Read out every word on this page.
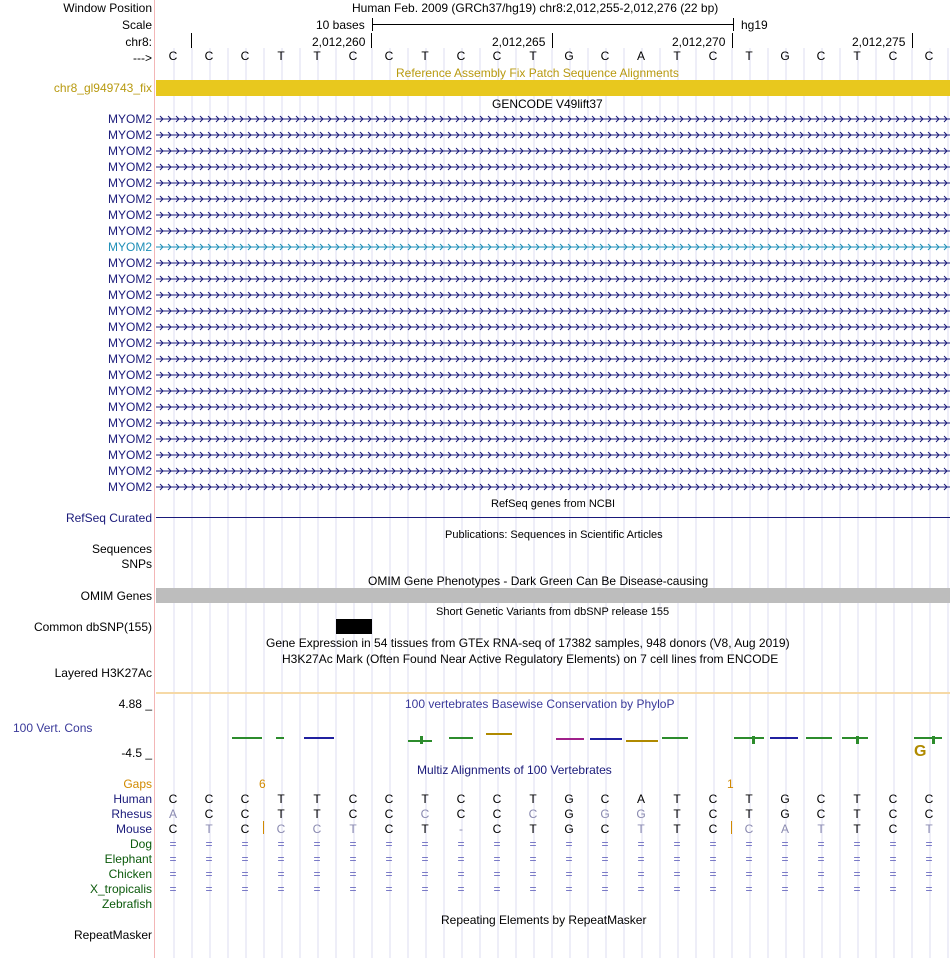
Window Position	Human Feb. 2009 (GRCh37/hg19) chr8:2,012,255-2,012,276 (22 bp)
Scale	10 bases	hg19
chr8:	2,012,260	2,012,265	2,012,270	2,012,275
--->	C	C	C	T	T	C	C	T	C	C	T	G	C	A	T	C	T	G	C	T	C	C
Reference Assembly Fix Patch Sequence Alignments
chr8_gl949743_fix
GENCODE V49lift37
MYOM2
MYOM2
MYOM2
MYOM2
MYOM2
MYOM2
MYOM2
MYOM2
MYOM2
MYOM2
MYOM2
MYOM2
MYOM2
MYOM2
MYOM2
MYOM2
MYOM2
MYOM2
MYOM2
MYOM2
MYOM2
MYOM2
MYOM2
MYOM2
RefSeq genes from NCBI
RefSeq Curated
Publications: Sequences in Scientific Articles
Sequences
SNPs
OMIM Gene Phenotypes - Dark Green Can Be Disease-causing
OMIM Genes
Short Genetic Variants from dbSNP release 155
Common dbSNP(155)
Gene Expression in 54 tissues from GTEx RNA-seq of 17382 samples, 948 donors (V8, Aug 2019)
H3K27Ac Mark (Often Found Near Active Regulatory Elements) on 7 cell lines from ENCODE
Layered H3K27Ac
100 vertebrates Basewise Conservation by PhyloP
4.88 _
100 Vert. Cons
-4.5 _	G
Multiz Alignments of 100 Vertebrates
Gaps	6	1
Human	C	C	C	T	T	C	C	T	C	C	T	G	C	A	T	C	T	G	C	T	C	C
Rhesus	A	C	C	T	T	C	C	C	C	C	C	G	G	G	T	C	T	G	C	T	C	C
Mouse	C	T	C	C	C	T	C	T	-	C	T	G	C	T	T	C	C	A	T	T	C	T
Dog	=	=	=	=	=	=	=	=	=	=	=	=	=	=	=	=	=	=	=	=	=	=
Elephant	=	=	=	=	=	=	=	=	=	=	=	=	=	=	=	=	=	=	=	=	=	=
Chicken	=	=	=	=	=	=	=	=	=	=	=	=	=	=	=	=	=	=	=	=	=	=
X_tropicalis	=	=	=	=	=	=	=	=	=	=	=	=	=	=	=	=	=	=	=	=	=	=
Zebrafish
Repeating Elements by RepeatMasker
RepeatMasker
